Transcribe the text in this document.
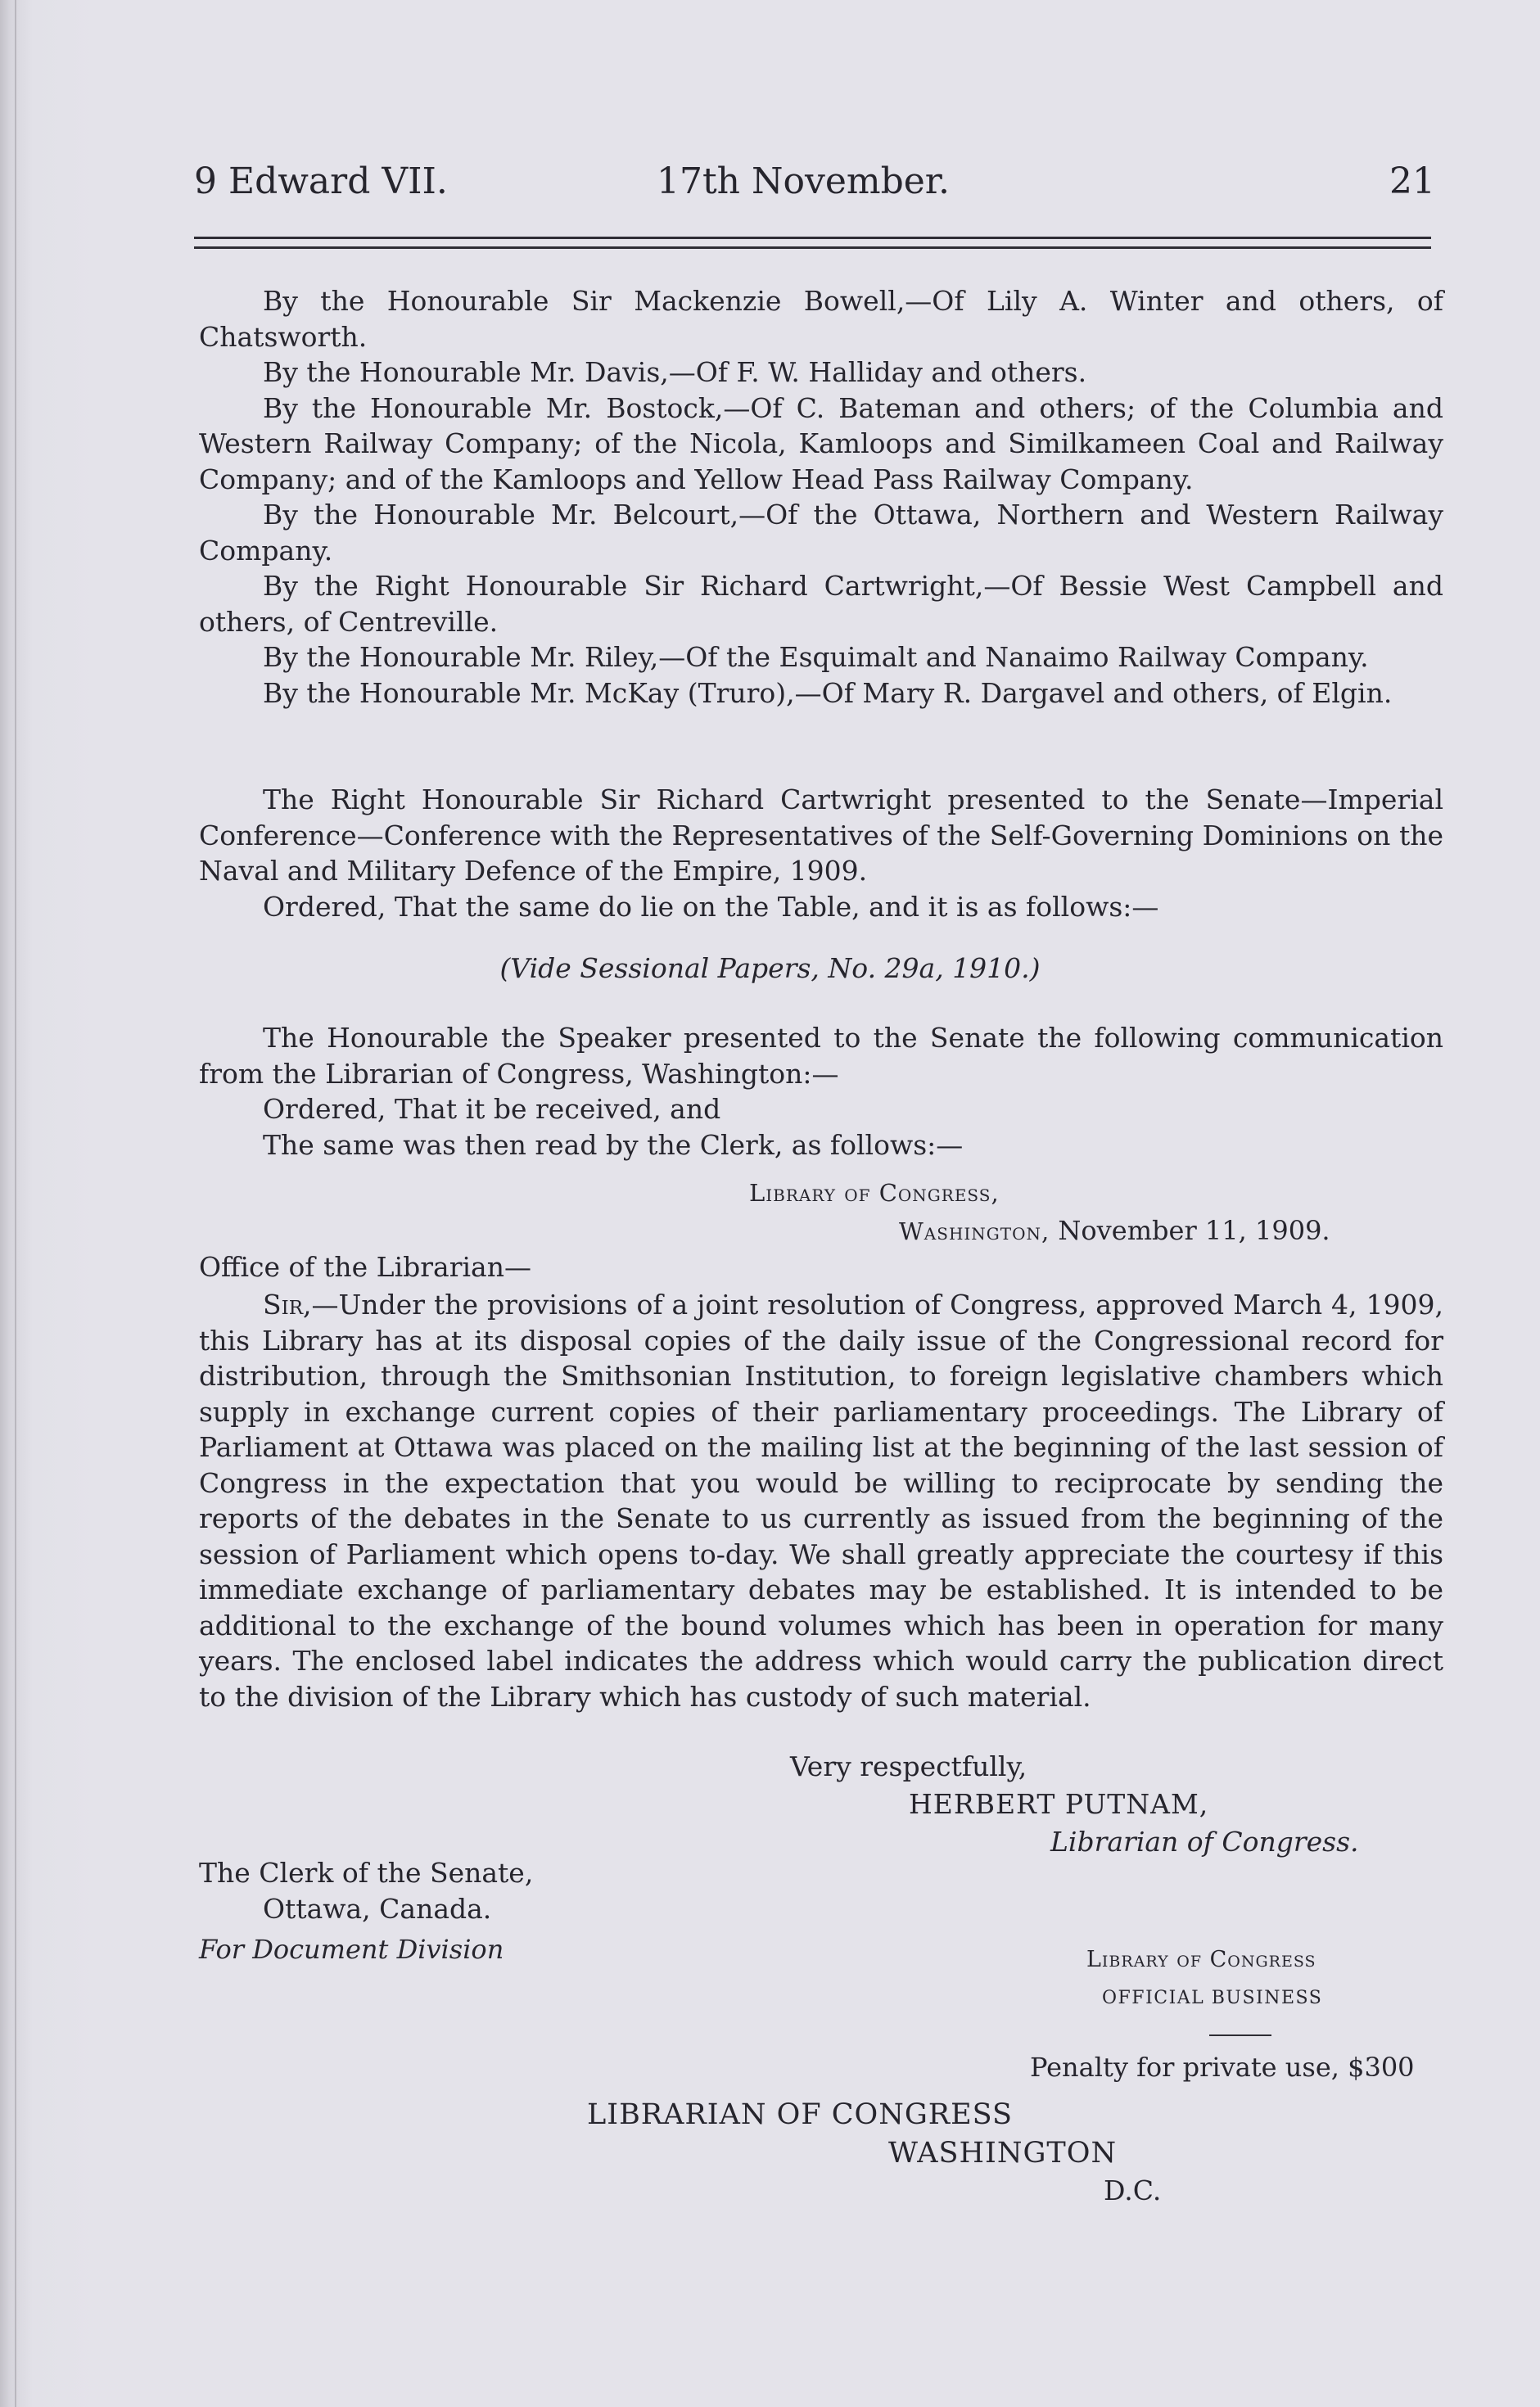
9 Edward VII.	17th November.	21

By the Honourable Sir Mackenzie Bowell,—Of Lily A. Winter and others, of Chatsworth.

By the Honourable Mr. Davis,—Of F. W. Halliday and others.

By the Honourable Mr. Bostock,—Of C. Bateman and others; of the Columbia and Western Railway Company; of the Nicola, Kamloops and Similkameen Coal and Railway Company; and of the Kamloops and Yellow Head Pass Railway Company.

By the Honourable Mr. Belcourt,—Of the Ottawa, Northern and Western Railway Company.

By the Right Honourable Sir Richard Cartwright,—Of Bessie West Campbell and others, of Centreville.

By the Honourable Mr. Riley,—Of the Esquimalt and Nanaimo Railway Company.

By the Honourable Mr. McKay (Truro),—Of Mary R. Dargavel and others, of Elgin.

The Right Honourable Sir Richard Cartwright presented to the Senate—Imperial Conference—Conference with the Representatives of the Self-Governing Dominions on the Naval and Military Defence of the Empire, 1909.

Ordered, That the same do lie on the Table, and it is as follows:—

(Vide Sessional Papers, No. 29a, 1910.)

The Honourable the Speaker presented to the Senate the following communication from the Librarian of Congress, Washington:—

Ordered, That it be received, and

The same was then read by the Clerk, as follows:—

Library of Congress,
Washington, November 11, 1909.
Office of the Librarian—

Sir,—Under the provisions of a joint resolution of Congress, approved March 4, 1909, this Library has at its disposal copies of the daily issue of the Congressional record for distribution, through the Smithsonian Institution, to foreign legislative chambers which supply in exchange current copies of their parliamentary proceedings. The Library of Parliament at Ottawa was placed on the mailing list at the beginning of the last session of Congress in the expectation that you would be willing to reciprocate by sending the reports of the debates in the Senate to us currently as issued from the beginning of the session of Parliament which opens to-day. We shall greatly appreciate the courtesy if this immediate exchange of parliamentary debates may be established. It is intended to be additional to the exchange of the bound volumes which has been in operation for many years. The enclosed label indicates the address which would carry the publication direct to the division of the Library which has custody of such material.

Very respectfully,
HERBERT PUTNAM,
Librarian of Congress.
The Clerk of the Senate,
Ottawa, Canada.
For Document Division	Library of Congress
OFFICIAL BUSINESS
Penalty for private use, $300
LIBRARIAN OF CONGRESS
WASHINGTON
D.C.
